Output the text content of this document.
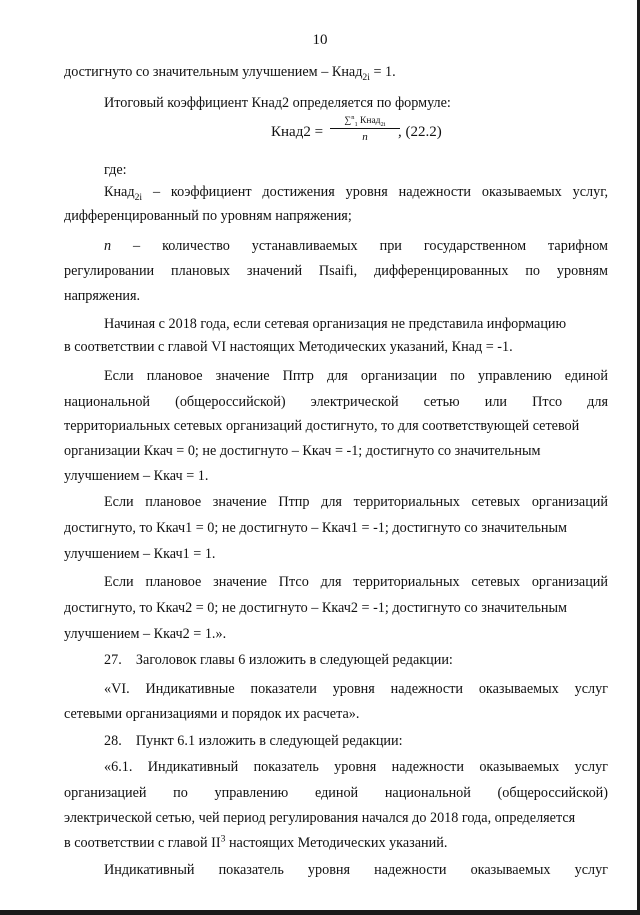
10
достигнуто со значительным улучшением – Кнад$_{2i}$ = 1.
Итоговый коэффициент Кнад2 определяется по формуле:
Кнад2 =
∑$^n_1$ Кнад$_{2i}$
n	, (22.2)
где:
Кнад$_{2i}$ – коэффициент достижения уровня надежности оказываемых услуг,
дифференцированный по уровням напряжения;
n – количество устанавливаемых при государственном тарифном
регулировании плановых значений Пsaifi, дифференцированных по уровням
напряжения.
Начиная с 2018 года, если сетевая организация не представила информацию
в соответствии с главой VI настоящих Методических указаний, Кнад = -1.
Если плановое значение Пптр для организации по управлению единой
национальной (общероссийской) электрической сетью или Птсо для
территориальных сетевых организаций достигнуто, то для соответствующей сетевой
организации Ккач = 0; не достигнуто – Ккач = -1; достигнуто со значительным
улучшением – Ккач = 1.
Если плановое значение Птпр для территориальных сетевых организаций
достигнуто, то Ккач1 = 0; не достигнуто – Ккач1 = -1; достигнуто со значительным
улучшением – Ккач1 = 1.
Если плановое значение Птсо для территориальных сетевых организаций
достигнуто, то Ккач2 = 0; не достигнуто – Ккач2 = -1; достигнуто со значительным
улучшением – Ккач2 = 1.».
27.    Заголовок главы 6 изложить в следующей редакции:
«VI. Индикативные показатели уровня надежности оказываемых услуг
сетевыми организациями и порядок их расчета».
28.    Пункт 6.1 изложить в следующей редакции:
«6.1. Индикативный показатель уровня надежности оказываемых услуг
организацией по управлению единой национальной (общероссийской)
электрической сетью, чей период регулирования начался до 2018 года, определяется
в соответствии с главой $II^3$ настоящих Методических указаний.
Индикативный показатель уровня надежности оказываемых услуг
